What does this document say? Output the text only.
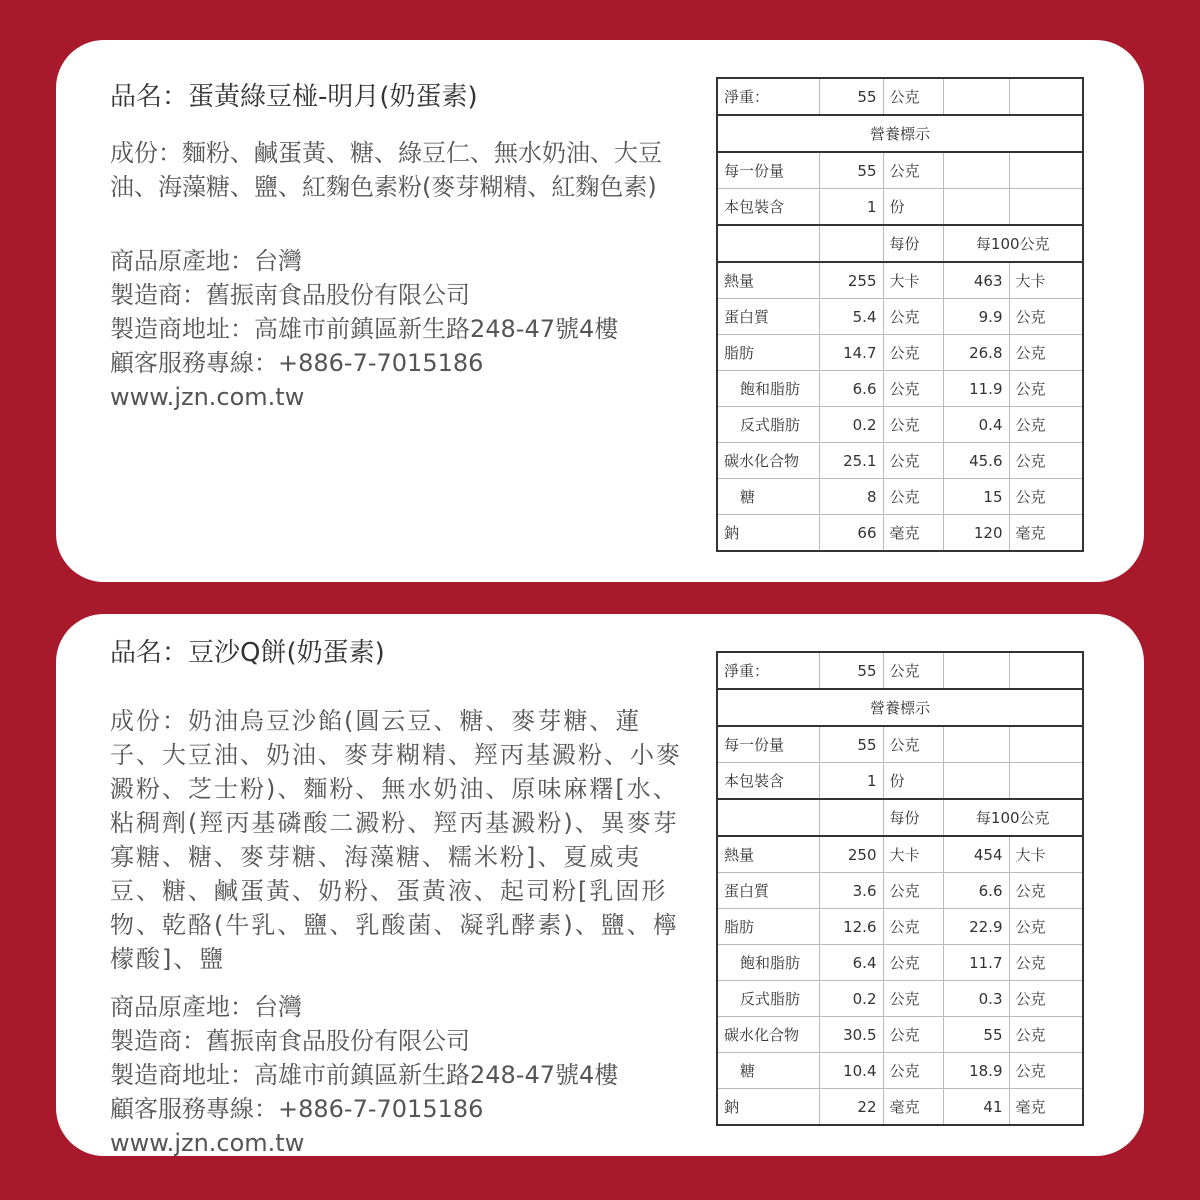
品名：蛋黃綠豆椪-明月(奶蛋素)

成份：麵粉、鹹蛋黃、糖、綠豆仁、無水奶油、大豆油、海藻糖、鹽、紅麴色素粉(麥芽糊精、紅麴色素)

商品原產地：台灣

製造商：舊振南食品股份有限公司

製造商地址：高雄市前鎮區新生路248-47號4樓

顧客服務專線：+886-7-7015186

www.jzn.com.tw

淨重：	55	公克		
營養標示				
每一份量	55	公克		
本包裝含	1	份		
		每份	每100公克	
熱量	255	大卡	463	大卡
蛋白質	5.4	公克	9.9	公克
脂肪	14.7	公克	26.8	公克
飽和脂肪	6.6	公克	11.9	公克
反式脂肪	0.2	公克	0.4	公克
碳水化合物	25.1	公克	45.6	公克
糖	8	公克	15	公克
鈉	66	毫克	120	毫克

品名：豆沙Q餅(奶蛋素)

成份：奶油烏豆沙餡(圓云豆、糖、麥芽糖、蓮子、大豆油、奶油、麥芽糊精、羥丙基澱粉、小麥澱粉、芝士粉)、麵粉、無水奶油、原味麻糬[水、粘稠劑(羥丙基磷酸二澱粉、羥丙基澱粉)、異麥芽寡糖、糖、麥芽糖、海藻糖、糯米粉]、夏威夷豆、糖、鹹蛋黃、奶粉、蛋黃液、起司粉[乳固形物、乾酪(牛乳、鹽、乳酸菌、凝乳酵素)、鹽、檸檬酸]、鹽

商品原產地：台灣

製造商：舊振南食品股份有限公司

製造商地址：高雄市前鎮區新生路248-47號4樓

顧客服務專線：+886-7-7015186

www.jzn.com.tw

淨重：	55	公克		
營養標示				
每一份量	55	公克		
本包裝含	1	份		
		每份	每100公克	
熱量	250	大卡	454	大卡
蛋白質	3.6	公克	6.6	公克
脂肪	12.6	公克	22.9	公克
飽和脂肪	6.4	公克	11.7	公克
反式脂肪	0.2	公克	0.3	公克
碳水化合物	30.5	公克	55	公克
糖	10.4	公克	18.9	公克
鈉	22	毫克	41	毫克
